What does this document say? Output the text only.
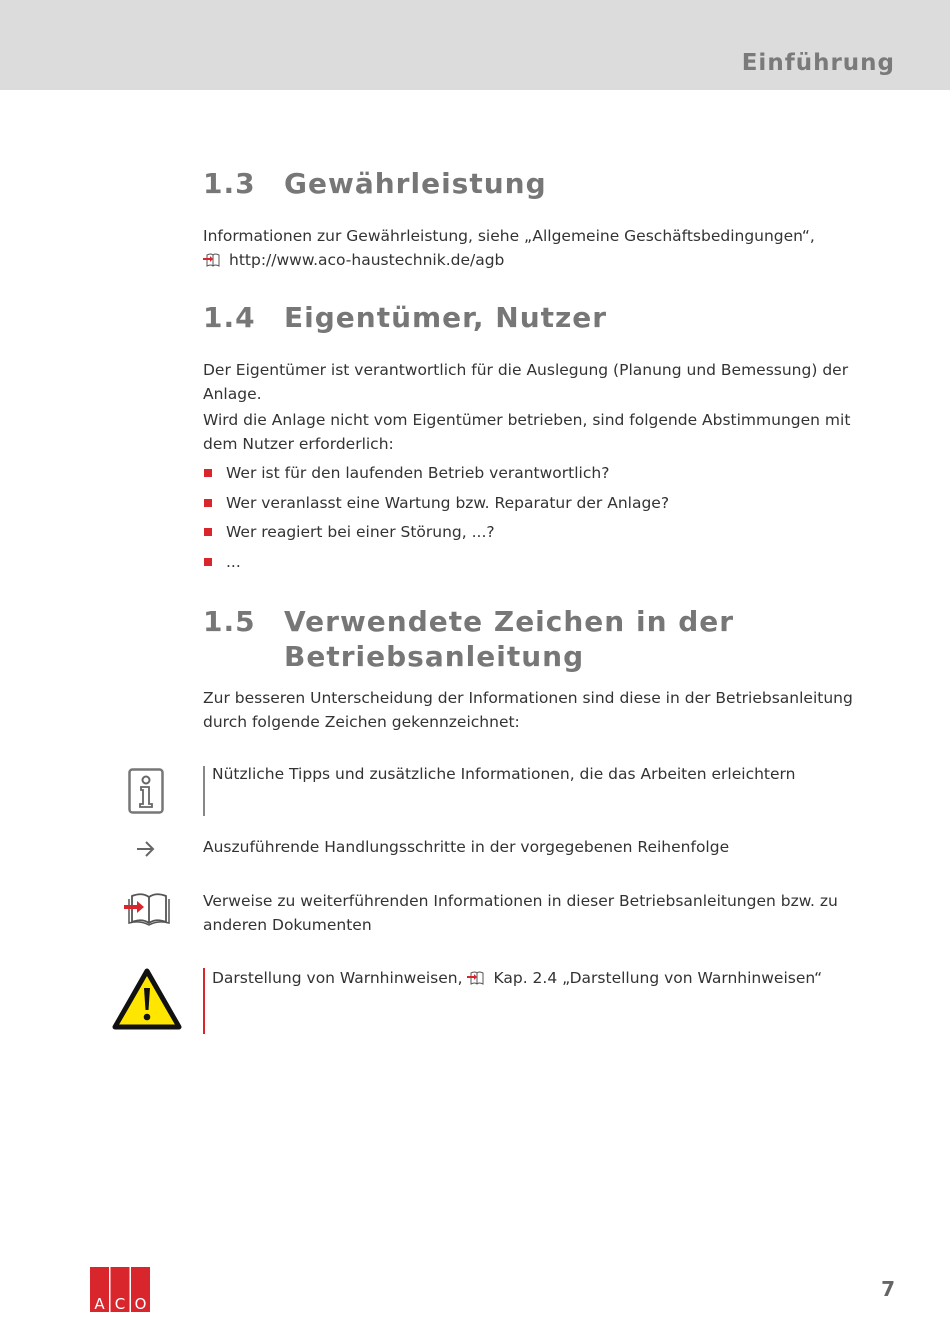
Einführung
1.3 Gewährleistung
Informationen zur Gewährleistung, siehe „Allgemeine Geschäftsbedingungen“,
http://www.aco-haustechnik.de/agb
1.4 Eigentümer, Nutzer
Der Eigentümer ist verantwortlich für die Auslegung (Planung und Bemessung) der Anlage.
Wird die Anlage nicht vom Eigentümer betrieben, sind folgende Abstimmungen mit dem Nutzer erforderlich:
Wer ist für den laufenden Betrieb verantwortlich?
Wer veranlasst eine Wartung bzw. Reparatur der Anlage?
Wer reagiert bei einer Störung, ...?
...
1.5 Verwendete Zeichen in der
Betriebsanleitung
Zur besseren Unterscheidung der Informationen sind diese in der Betriebsanleitung durch folgende Zeichen gekennzeichnet:
Nützliche Tipps und zusätzliche Informationen, die das Arbeiten erleichtern
Auszuführende Handlungsschritte in der vorgegebenen Reihenfolge
Verweise zu weiterführenden Informationen in dieser Betriebsanleitungen bzw. zu anderen Dokumenten
Darstellung von Warnhinweisen, Kap. 2.4 „Darstellung von Warnhinweisen“
A C O
7
